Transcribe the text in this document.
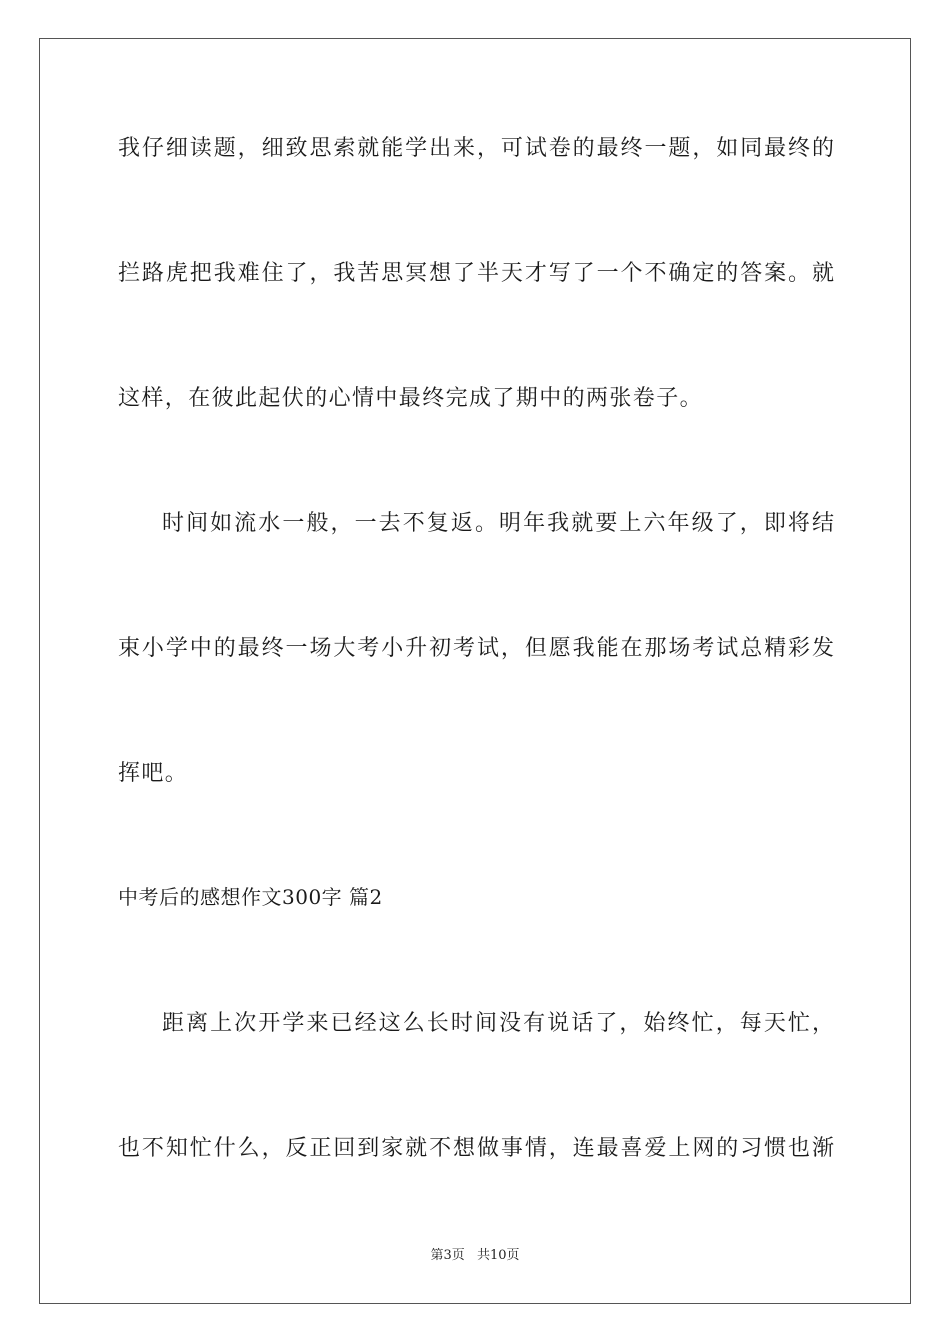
我仔细读题，细致思索就能学出来，可试卷的最终一题，如同最终的
拦路虎把我难住了，我苦思冥想了半天才写了一个不确定的答案。就
这样，在彼此起伏的心情中最终完成了期中的两张卷子。
时间如流水一般，一去不复返。明年我就要上六年级了，即将结
束小学中的最终一场大考小升初考试，但愿我能在那场考试总精彩发
挥吧。
中考后的感想作文300字 篇2
距离上次开学来已经这么长时间没有说话了，始终忙，每天忙，
也不知忙什么，反正回到家就不想做事情，连最喜爱上网的习惯也渐
第3页 共10页
